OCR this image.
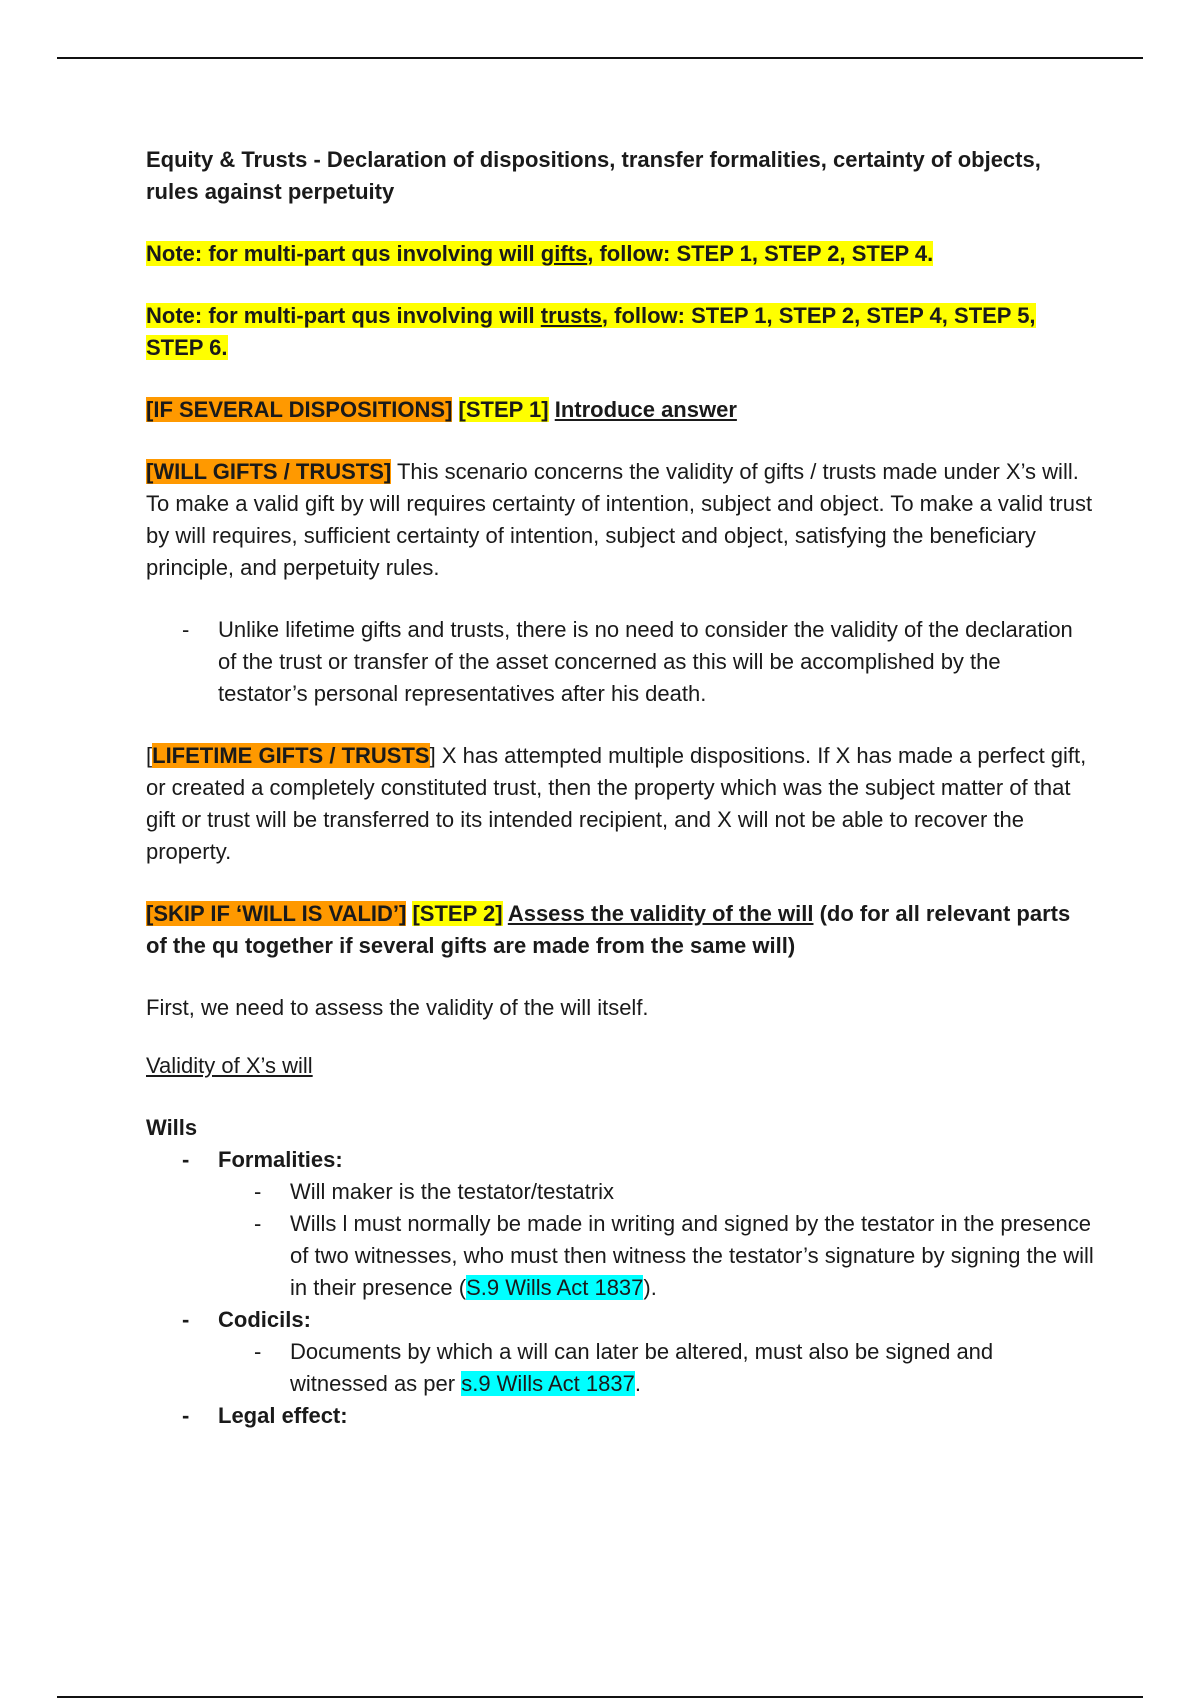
Equity & Trusts - Declaration of dispositions, transfer formalities, certainty of objects, rules against perpetuity

Note: for multi-part qus involving will gifts, follow: STEP 1, STEP 2, STEP 4.

Note: for multi-part qus involving will trusts, follow: STEP 1, STEP 2, STEP 4, STEP 5, STEP 6.

[IF SEVERAL DISPOSITIONS] [STEP 1] Introduce answer

[WILL GIFTS / TRUSTS] This scenario concerns the validity of gifts / trusts made under X’s will. To make a valid gift by will requires certainty of intention, subject and object. To make a valid trust by will requires, sufficient certainty of intention, subject and object, satisfying the beneficiary principle, and perpetuity rules.

- Unlike lifetime gifts and trusts, there is no need to consider the validity of the declaration of the trust or transfer of the asset concerned as this will be accomplished by the testator’s personal representatives after his death.

[LIFETIME GIFTS / TRUSTS] X has attempted multiple dispositions. If X has made a perfect gift, or created a completely constituted trust, then the property which was the subject matter of that gift or trust will be transferred to its intended recipient, and X will not be able to recover the property.

[SKIP IF ‘WILL IS VALID’] [STEP 2] Assess the validity of the will (do for all relevant parts of the qu together if several gifts are made from the same will)

First, we need to assess the validity of the will itself.

Validity of X’s will

Wills

- Formalities:
- Will maker is the testator/testatrix
- Wills l must normally be made in writing and signed by the testator in the presence of two witnesses, who must then witness the testator’s signature by signing the will in their presence (S.9 Wills Act 1837).
- Codicils:
- Documents by which a will can later be altered, must also be signed and witnessed as per s.9 Wills Act 1837.
- Legal effect:
